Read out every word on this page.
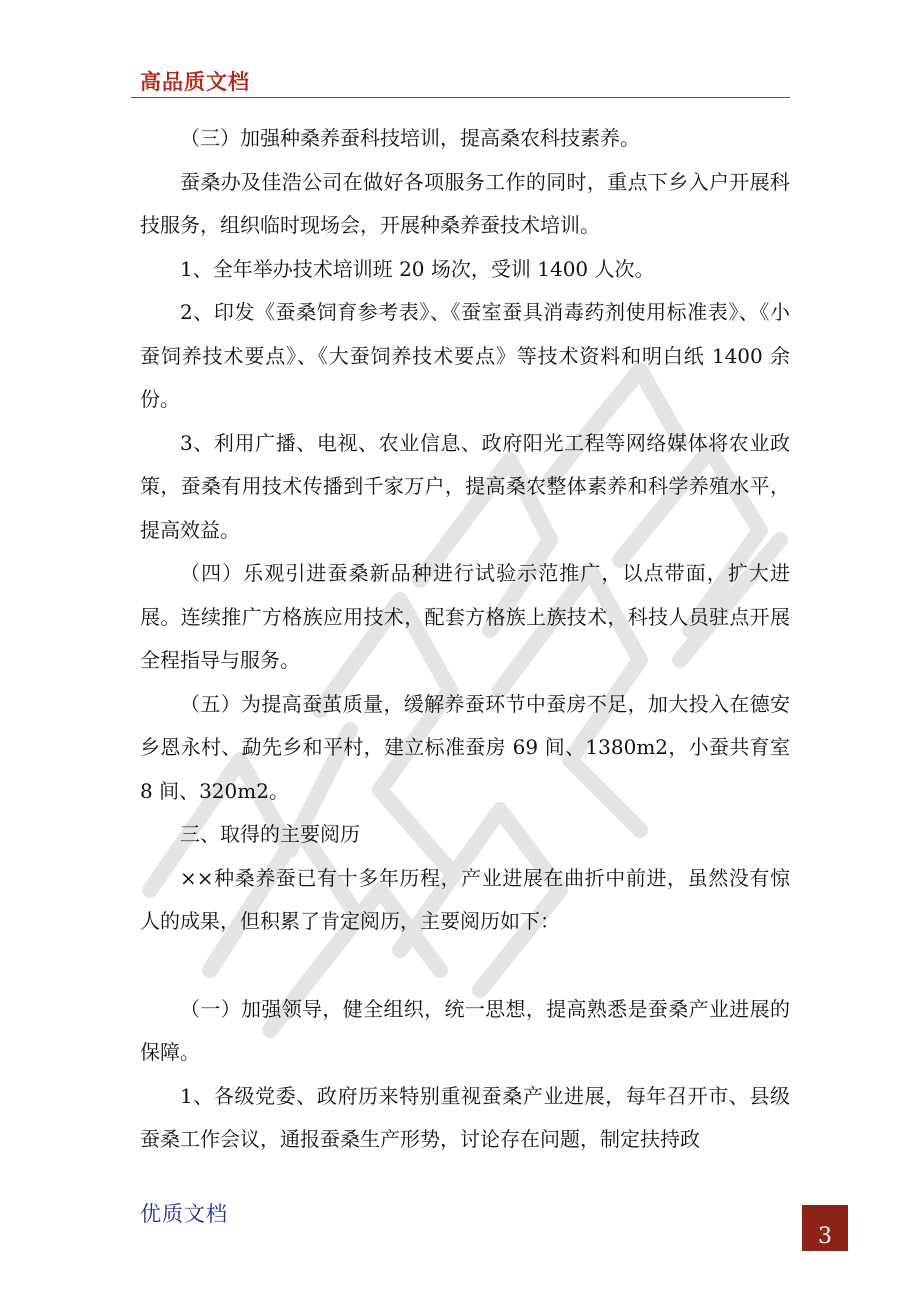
高品质文档

（三）加强种桑养蚕科技培训，提高桑农科技素养。

蚕桑办及佳浩公司在做好各项服务工作的同时，重点下乡入户开展科技服务，组织临时现场会，开展种桑养蚕技术培训。

1、全年举办技术培训班 20 场次，受训 1400 人次。

2、印发《蚕桑饲育参考表》、《蚕室蚕具消毒药剂使用标准表》、《小蚕饲养技术要点》、《大蚕饲养技术要点》等技术资料和明白纸 1400 余份。

3、利用广播、电视、农业信息、政府阳光工程等网络媒体将农业政策，蚕桑有用技术传播到千家万户，提高桑农整体素养和科学养殖水平，提高效益。

（四）乐观引进蚕桑新品种进行试验示范推广，以点带面，扩大进展。连续推广方格族应用技术，配套方格族上族技术，科技人员驻点开展全程指导与服务。

（五）为提高蚕茧质量，缓解养蚕环节中蚕房不足，加大投入在德安乡恩永村、勐先乡和平村，建立标准蚕房 69 间、1380m2，小蚕共育室 8 间、320m2。

三、取得的主要阅历

××种桑养蚕已有十多年历程，产业进展在曲折中前进，虽然没有惊人的成果，但积累了肯定阅历，主要阅历如下：

（一）加强领导，健全组织，统一思想，提高熟悉是蚕桑产业进展的保障。

1、各级党委、政府历来特别重视蚕桑产业进展，每年召开市、县级蚕桑工作会议，通报蚕桑生产形势，讨论存在问题，制定扶持政

优质文档
3
